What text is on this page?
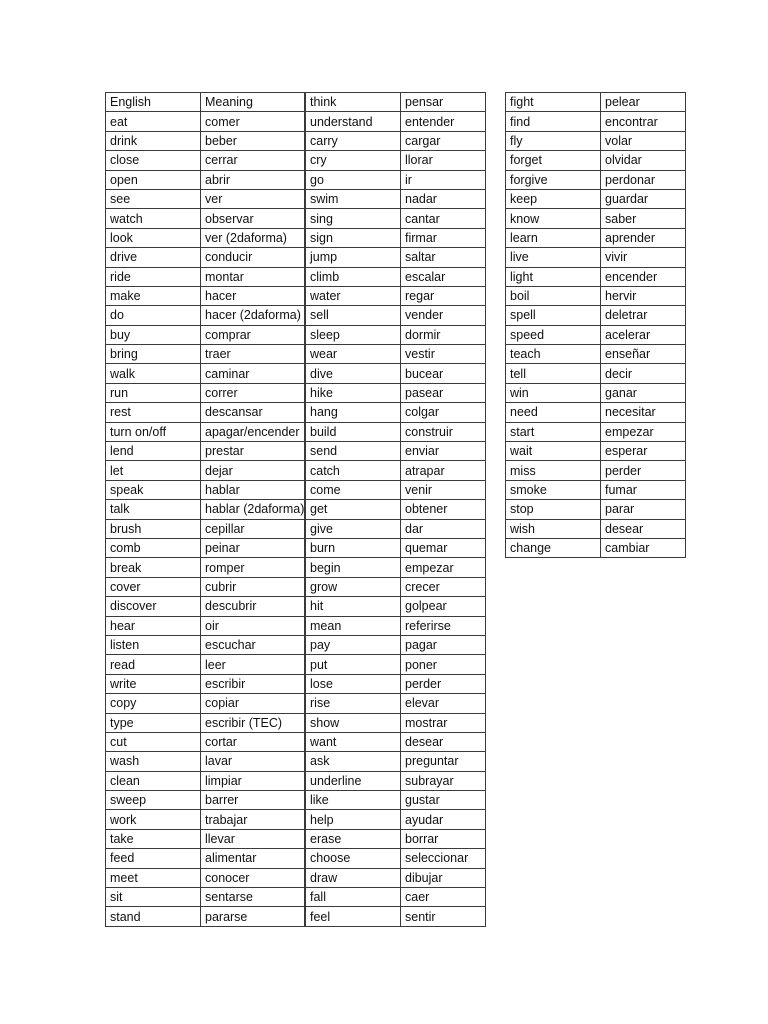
English	Meaning
eat	comer
drink	beber
close	cerrar
open	abrir
see	ver
watch	observar
look	ver (2daforma)
drive	conducir
ride	montar
make	hacer
do	hacer (2daforma)
buy	comprar
bring	traer
walk	caminar
run	correr
rest	descansar
turn on/off	apagar/encender
lend	prestar
let	dejar
speak	hablar
talk	hablar (2daforma)
brush	cepillar
comb	peinar
break	romper
cover	cubrir
discover	descubrir
hear	oir
listen	escuchar
read	leer
write	escribir
copy	copiar
type	escribir (TEC)
cut	cortar
wash	lavar
clean	limpiar
sweep	barrer
work	trabajar
take	llevar
feed	alimentar
meet	conocer
sit	sentarse
stand	pararse
think	pensar
understand	entender
carry	cargar
cry	llorar
go	ir
swim	nadar
sing	cantar
sign	firmar
jump	saltar
climb	escalar
water	regar
sell	vender
sleep	dormir
wear	vestir
dive	bucear
hike	pasear
hang	colgar
build	construir
send	enviar
catch	atrapar
come	venir
get	obtener
give	dar
burn	quemar
begin	empezar
grow	crecer
hit	golpear
mean	referirse
pay	pagar
put	poner
lose	perder
rise	elevar
show	mostrar
want	desear
ask	preguntar
underline	subrayar
like	gustar
help	ayudar
erase	borrar
choose	seleccionar
draw	dibujar
fall	caer
feel	sentir
fight	pelear
find	encontrar
fly	volar
forget	olvidar
forgive	perdonar
keep	guardar
know	saber
learn	aprender
live	vivir
light	encender
boil	hervir
spell	deletrar
speed	acelerar
teach	enseñar
tell	decir
win	ganar
need	necesitar
start	empezar
wait	esperar
miss	perder
smoke	fumar
stop	parar
wish	desear
change	cambiar
